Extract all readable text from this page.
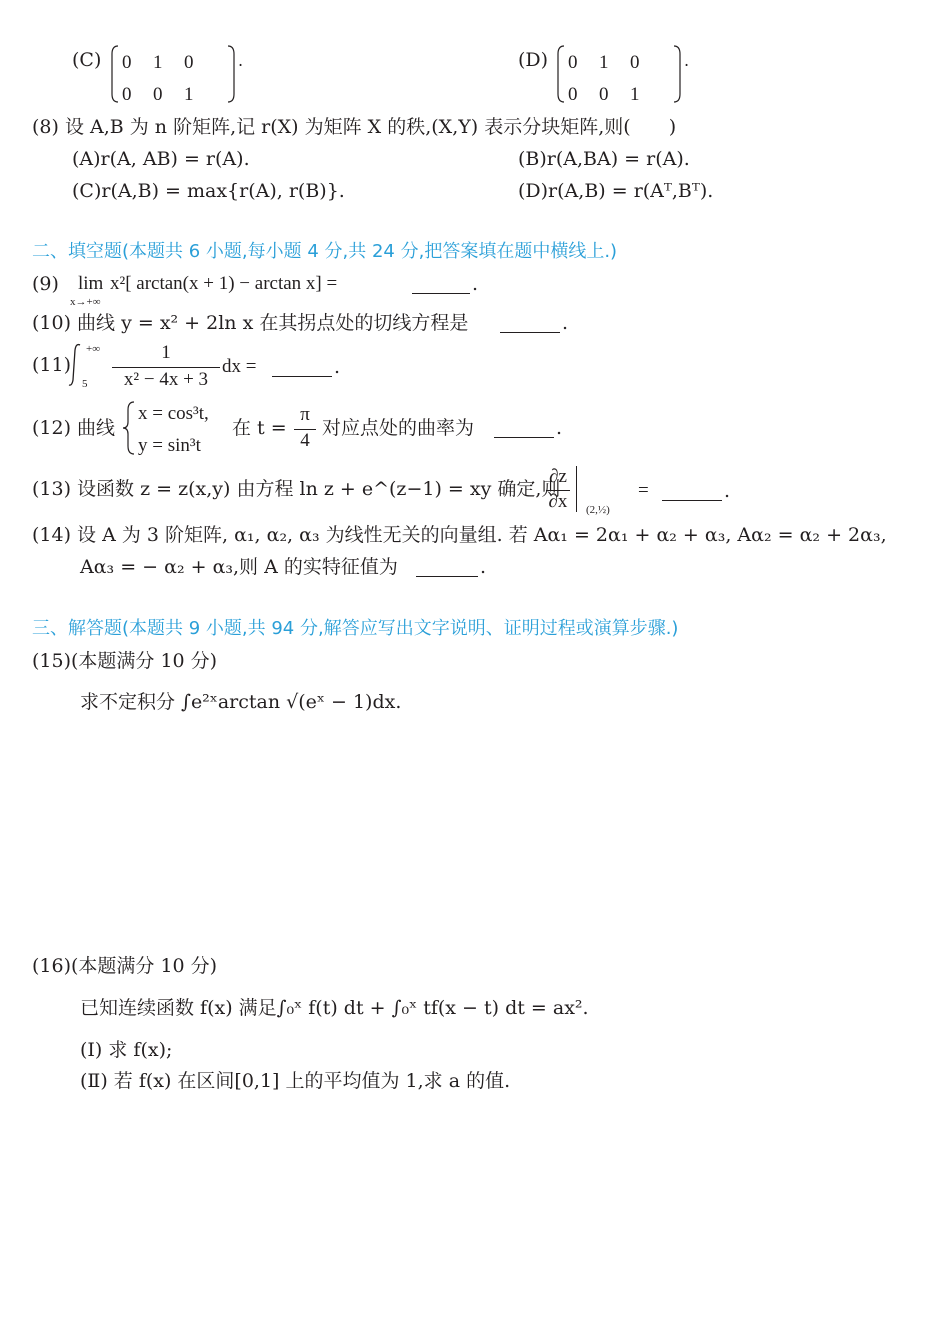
(C)	.
0  1  0
0  0  1
(D)	.
0  1  0
0  0  1
(8) 设 A,B 为 n 阶矩阵,记 r(X) 为矩阵 X 的秩,(X,Y) 表示分块矩阵,则(　　)
(A)r(A, AB) = r(A).	(B)r(A,BA) = r(A).
(C)r(A,B) = max{r(A), r(B)}.	(D)r(A,B) = r(Aᵀ,Bᵀ).
二、填空题(本题共 6 小题,每小题 4 分,共 24 分,把答案填在题中横线上.)
(9) lim
x→+∞
x²[ arctan(x + 1) − arctan x] =	.
(10) 曲线 y = x² + 2ln x 在其拐点处的切线方程是	.
(11)
+∞
5
1
x² − 4x + 3
dx =	.
(12) 曲线
x = cos³t,
y = sin³t
在 t =
π
4
对应点处的曲率为	.
(13) 设函数 z = z(x,y) 由方程 ln z + e^(z−1) = xy 确定,则
∂z
∂x (2,½)
=	.
(14) 设 A 为 3 阶矩阵, α₁, α₂, α₃ 为线性无关的向量组. 若 Aα₁ = 2α₁ + α₂ + α₃, Aα₂ = α₂ + 2α₃,
Aα₃ = − α₂ + α₃,则 A 的实特征值为	.
三、解答题(本题共 9 小题,共 94 分,解答应写出文字说明、证明过程或演算步骤.)
(15)(本题满分 10 分)
求不定积分 ∫e²ˣarctan √(eˣ − 1)dx.
(16)(本题满分 10 分)
已知连续函数 f(x) 满足∫₀ˣ f(t) dt + ∫₀ˣ tf(x − t) dt = ax².
(Ⅰ) 求 f(x);
(Ⅱ) 若 f(x) 在区间[0,1] 上的平均值为 1,求 a 的值.
